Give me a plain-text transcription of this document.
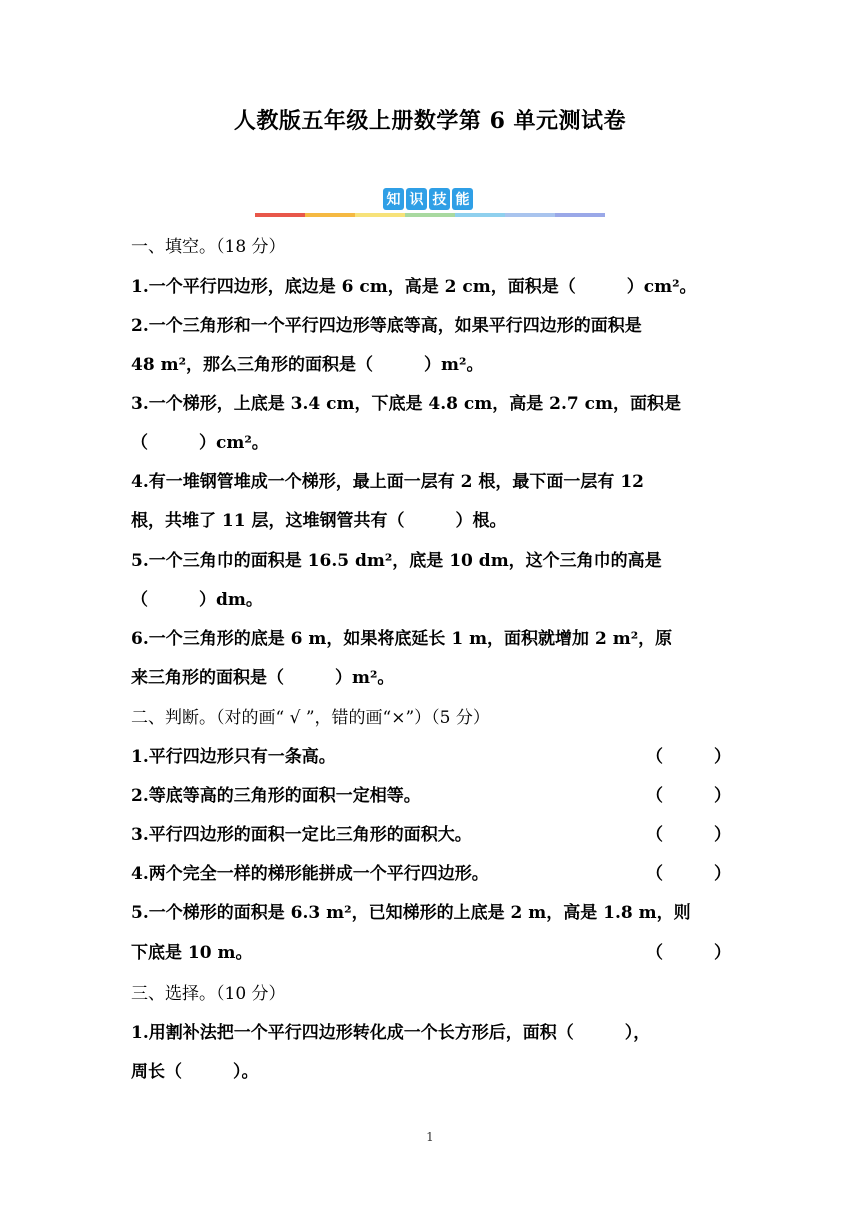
人教版五年级上册数学第 6 单元测试卷
知 识 技 能
一、填空。（18 分）
1.一个平行四边形，底边是 6 cm，高是 2 cm，面积是（　　　）cm²。
2.一个三角形和一个平行四边形等底等高，如果平行四边形的面积是
48 m²，那么三角形的面积是（　　　）m²。
3.一个梯形，上底是 3.4 cm，下底是 4.8 cm，高是 2.7 cm，面积是
（　　　）cm²。
4.有一堆钢管堆成一个梯形，最上面一层有 2 根，最下面一层有 12
根，共堆了 11 层，这堆钢管共有（　　　）根。
5.一个三角巾的面积是 16.5 dm²，底是 10 dm，这个三角巾的高是
（　　　）dm。
6.一个三角形的底是 6 m，如果将底延长 1 m，面积就增加 2 m²，原
来三角形的面积是（　　　）m²。
二、判断。（对的画“ √ ”，错的画“×”）（5 分）
1.平行四边形只有一条高。	（　　　）
2.等底等高的三角形的面积一定相等。	（　　　）
3.平行四边形的面积一定比三角形的面积大。	（　　　）
4.两个完全一样的梯形能拼成一个平行四边形。	（　　　）
5.一个梯形的面积是 6.3 m²，已知梯形的上底是 2 m，高是 1.8 m，则
下底是 10 m。	（　　　）
三、选择。（10 分）
1.用割补法把一个平行四边形转化成一个长方形后，面积（　　　），
周长（　　　）。
1
